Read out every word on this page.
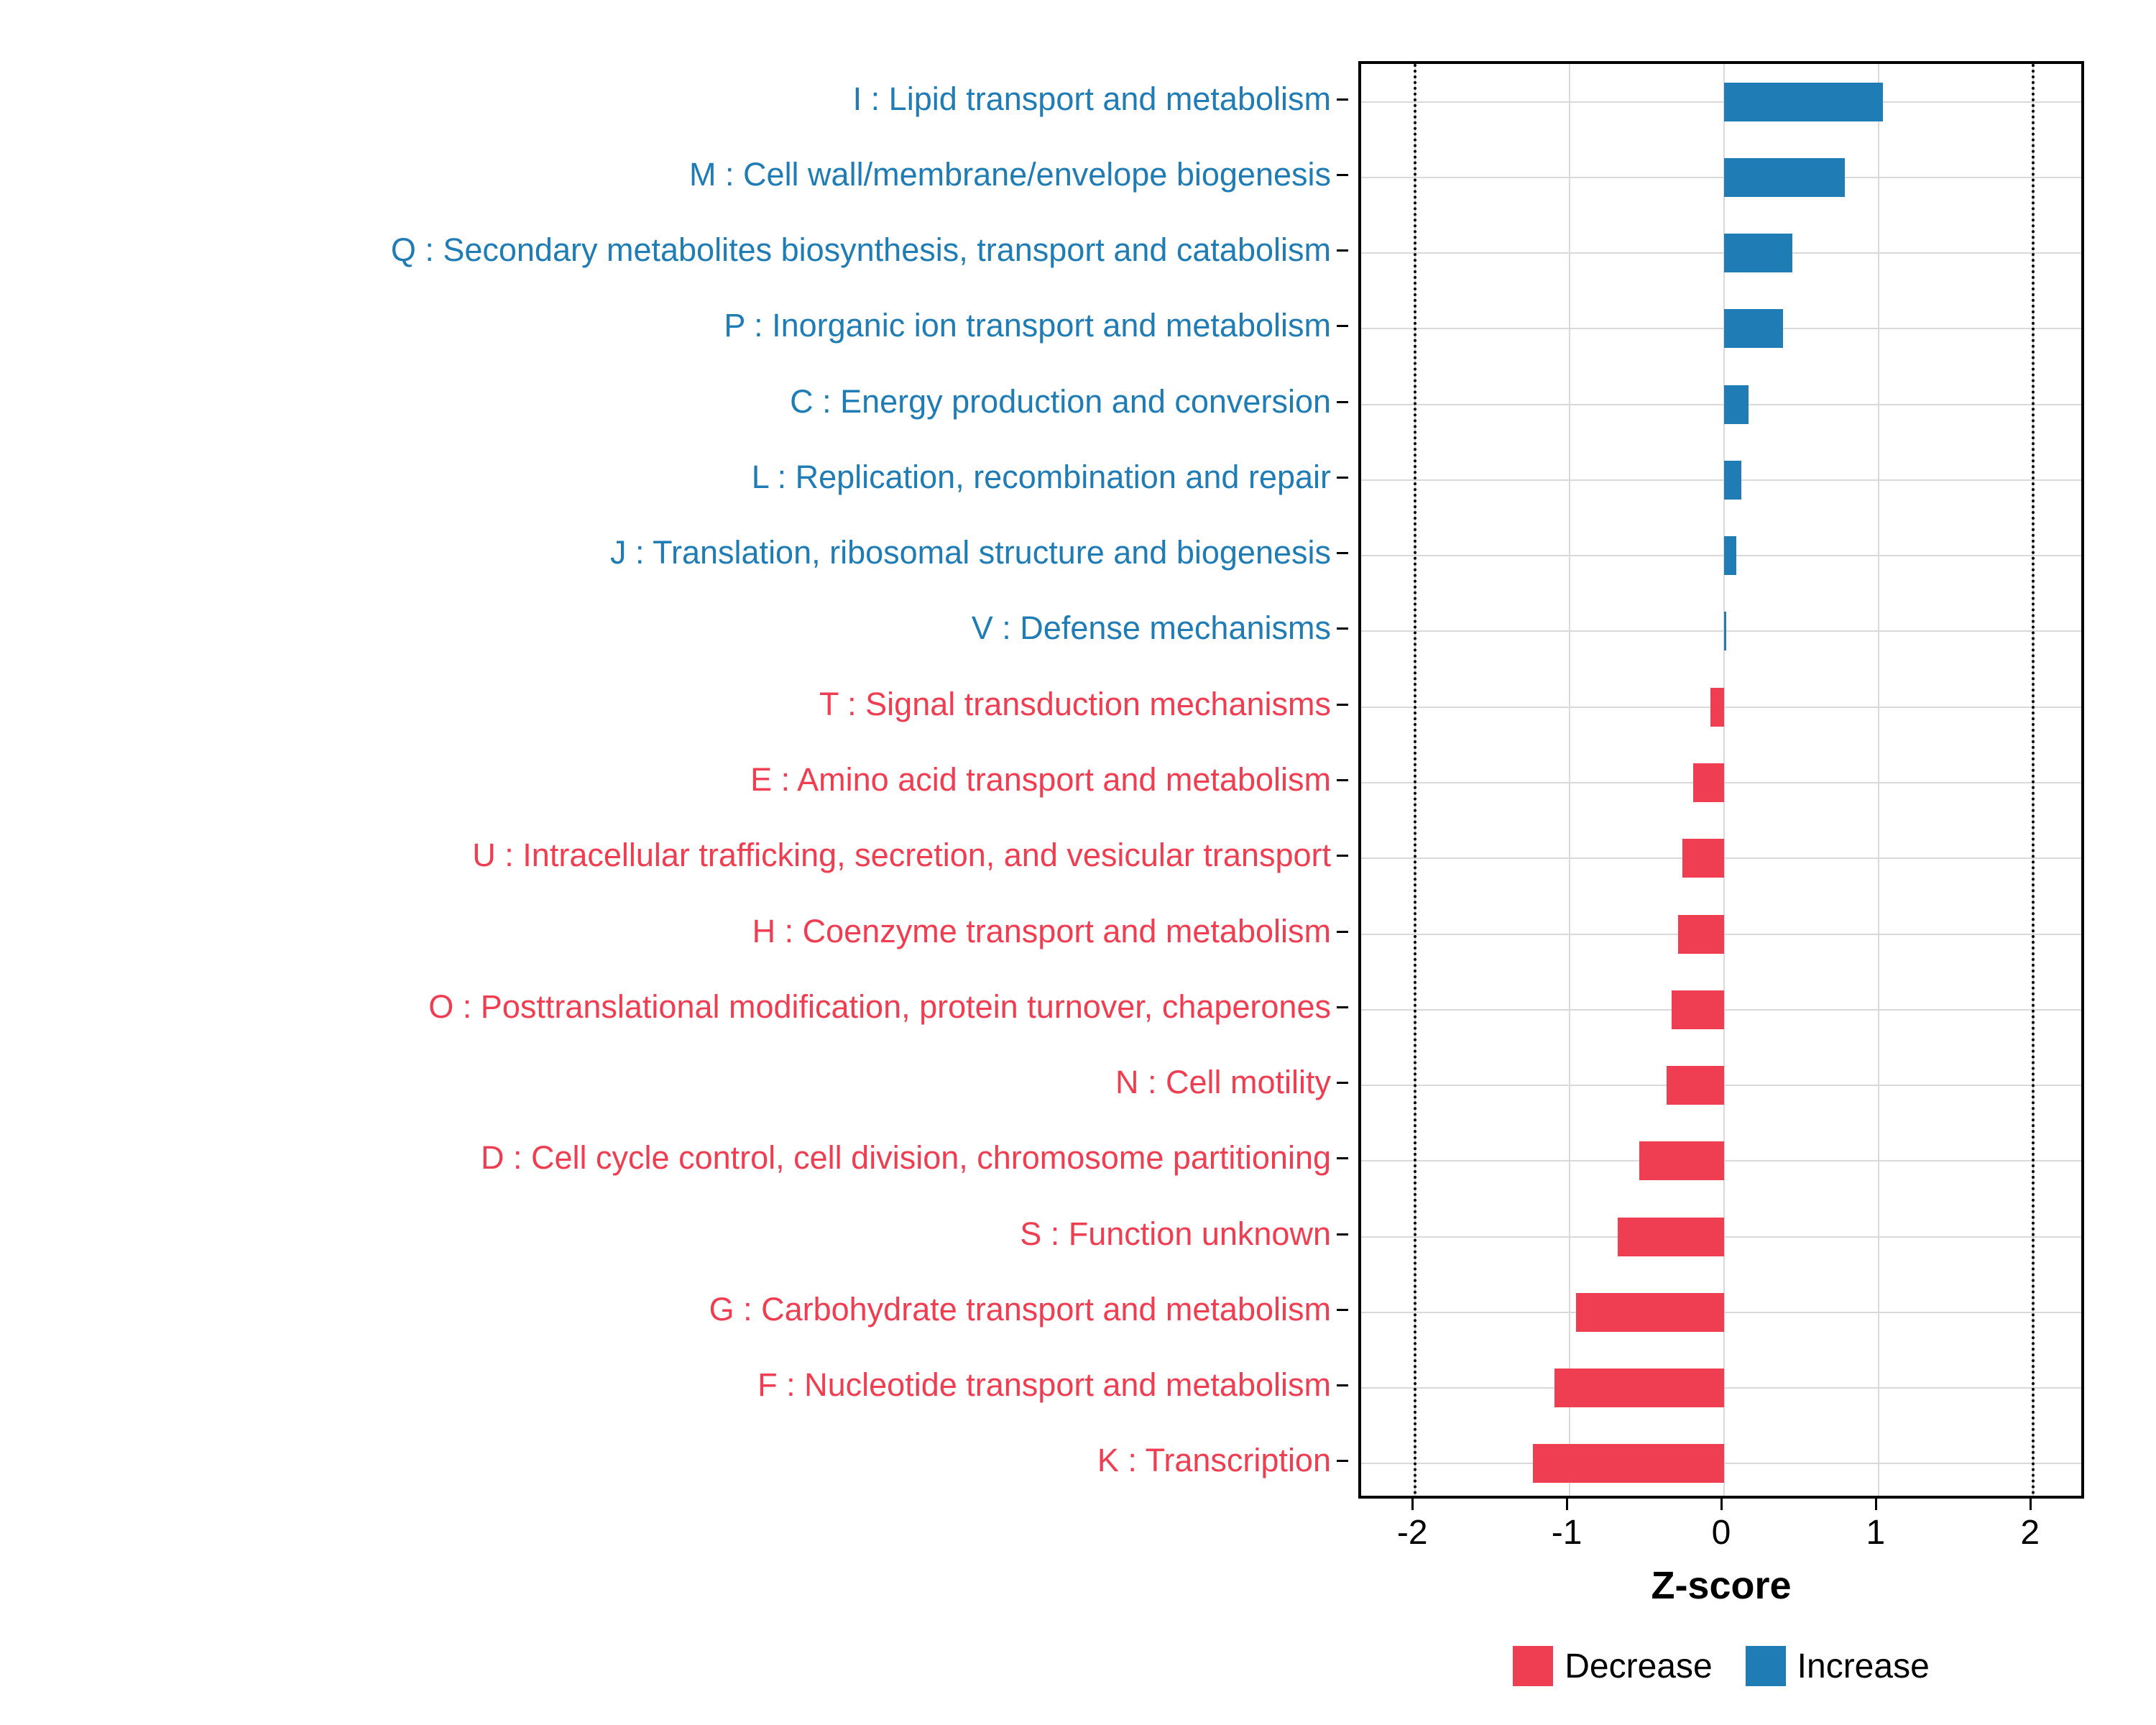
I : Lipid transport and metabolism
M : Cell wall/membrane/envelope biogenesis
Q : Secondary metabolites biosynthesis, transport and catabolism
P : Inorganic ion transport and metabolism
C : Energy production and conversion
L : Replication, recombination and repair
J : Translation, ribosomal structure and biogenesis
V : Defense mechanisms
T : Signal transduction mechanisms
E : Amino acid transport and metabolism
U : Intracellular trafficking, secretion, and vesicular transport
H : Coenzyme transport and metabolism
O : Posttranslational modification, protein turnover, chaperones
N : Cell motility
D : Cell cycle control, cell division, chromosome partitioning
S : Function unknown
G : Carbohydrate transport and metabolism
F : Nucleotide transport and metabolism
K : Transcription
-2	-1	0	1	2
Z-score
Decrease Increase
